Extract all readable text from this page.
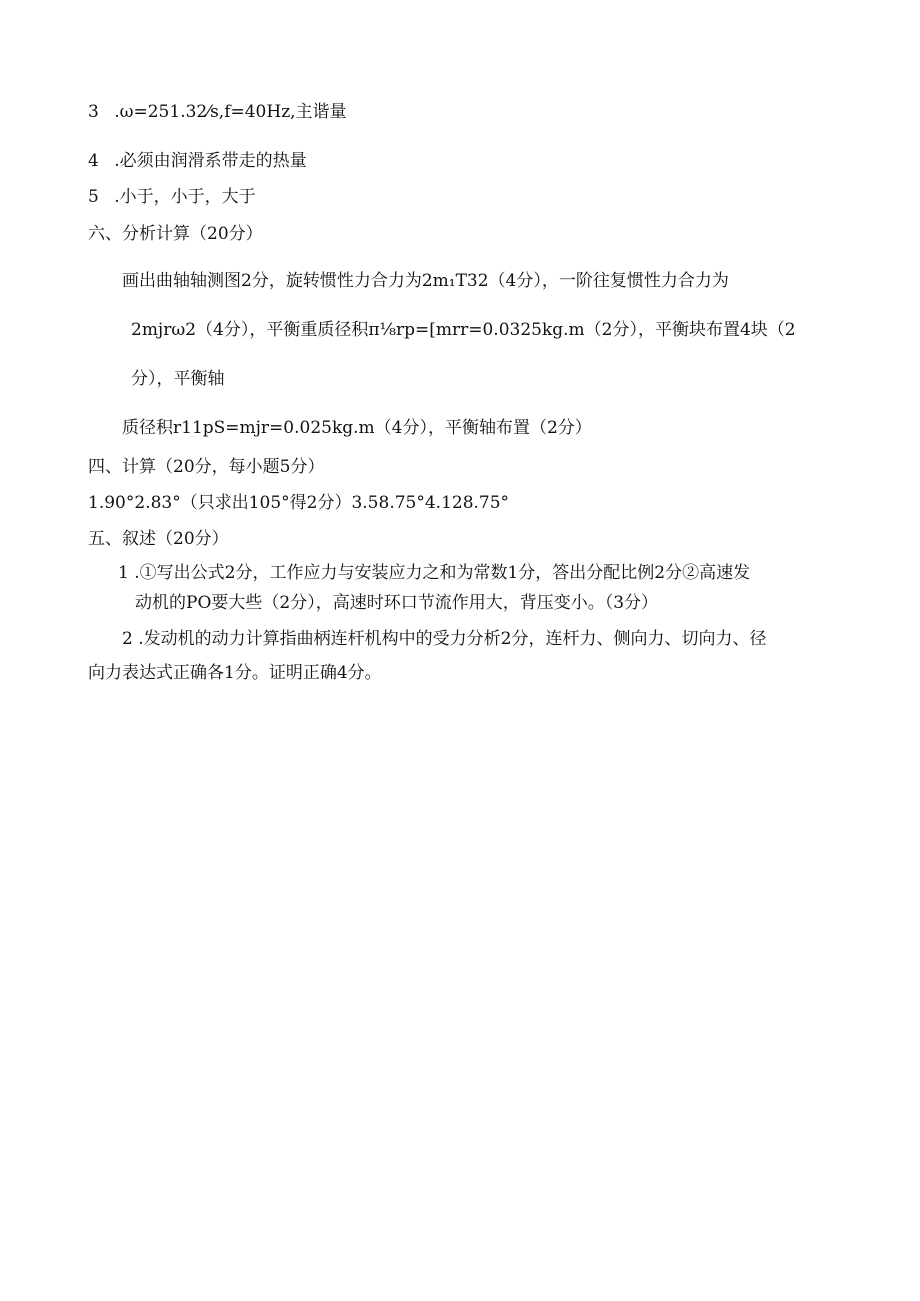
3 .ω=251.32⁄s,f=40Hz,主谐量
4 .必须由润滑系带走的热量
5 .小于，小于，大于
六、分析计算（20分）
画出曲轴轴测图2分，旋转惯性力合力为2m₁T32（4分），一阶往复惯性力合力为
2mjrω2（4分），平衡重质径积π⅛rp=[mrr=0.0325kg.m（2分），平衡块布置4块（2
分），平衡轴
质径积r11pS=mjr=0.025kg.m（4分），平衡轴布置（2分）
四、计算（20分，每小题5分）
1.90°2.83°（只求出105°得2分）3.58.75°4.128.75°
五、叙述（20分）
1 .①写出公式2分，工作应力与安装应力之和为常数1分，答出分配比例2分②高速发
动机的PO要大些（2分），高速时环口节流作用大，背压变小。（3分）
2 .发动机的动力计算指曲柄连杆机构中的受力分析2分，连杆力、侧向力、切向力、径
向力表达式正确各1分。证明正确4分。
